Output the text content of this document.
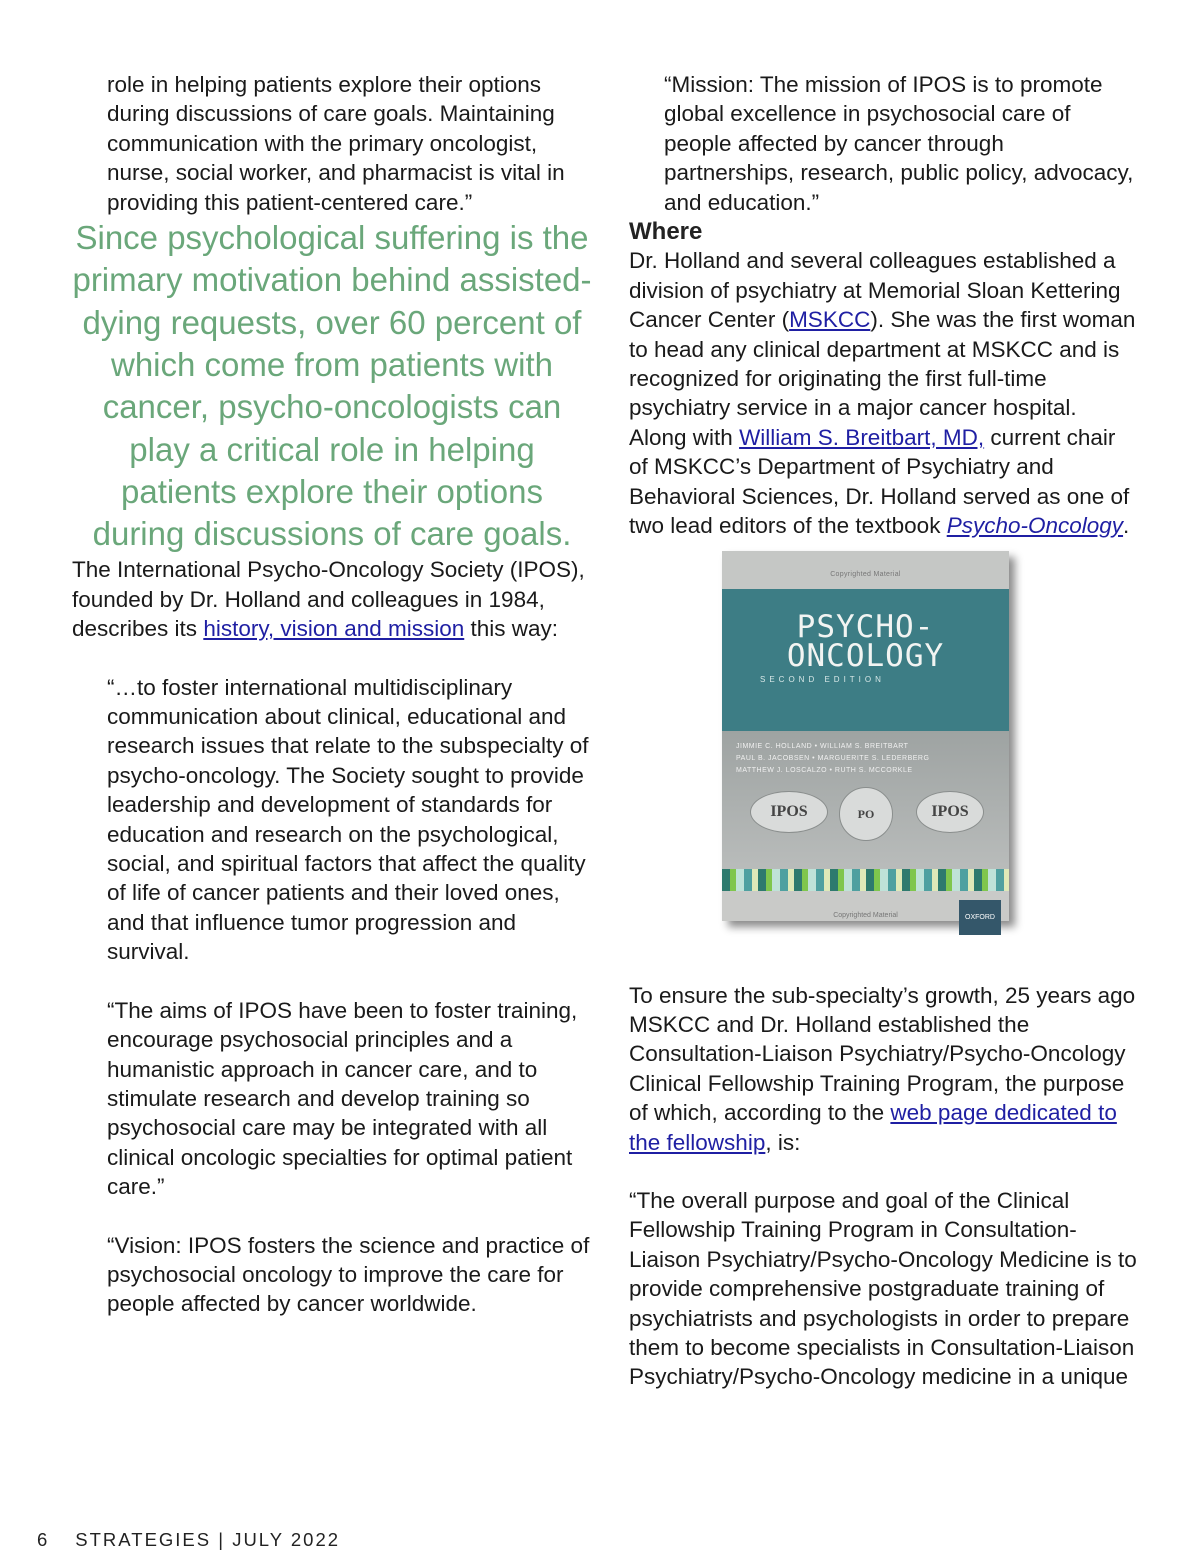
role in helping patients explore their options during discussions of care goals. Maintaining communication with the primary oncologist, nurse, social worker, and pharmacist is vital in providing this patient-centered care.”

Since psychological suffering is the primary motivation behind assisted-dying requests, over 60 percent of which come from patients with cancer, psycho-oncologists can play a critical role in helping patients explore their options during discussions of care goals.

The International Psycho-Oncology Society (IPOS), founded by Dr. Holland and colleagues in 1984, describes its history, vision and mission this way:

“…to foster international multidisciplinary communication about clinical, educational and research issues that relate to the subspecialty of psycho-oncology. The Society sought to provide leadership and development of standards for education and research on the psychological, social, and spiritual factors that affect the quality of life of cancer patients and their loved ones, and that influence tumor progression and survival.

“The aims of IPOS have been to foster training, encourage psychosocial principles and a humanistic approach in cancer care, and to stimulate research and develop training so psychosocial care may be integrated with all clinical oncologic specialties for optimal patient care.”

“Vision: IPOS fosters the science and practice of psychosocial oncology to improve the care for people affected by cancer worldwide.

“Mission: The mission of IPOS is to promote global excellence in psychosocial care of people affected by cancer through partnerships, research, public policy, advocacy, and education.”

Where

Dr. Holland and several colleagues established a division of psychiatry at Memorial Sloan Kettering Cancer Center (MSKCC). She was the first woman to head any clinical department at MSKCC and is recognized for originating the first full-time psychiatry service in a major cancer hospital. Along with William S. Breitbart, MD, current chair of MSKCC’s Department of Psychiatry and Behavioral Sciences, Dr. Holland served as one of two lead editors of the textbook Psycho-Oncology.

Copyrighted Material
PSYCHO-ONCOLOGY
SECOND EDITION
JIMMIE C. HOLLAND • WILLIAM S. BREITBART
PAUL B. JACOBSEN • MARGUERITE S. LEDERBERG
MATTHEW J. LOSCALZO • RUTH S. MCCORKLE
IPOS	PO	IPOS
Copyrighted Material	OXFORD

To ensure the sub-specialty’s growth, 25 years ago MSKCC and Dr. Holland established the Consultation-Liaison Psychiatry/Psycho-Oncology Clinical Fellowship Training Program, the purpose of which, according to the web page dedicated to the fellowship, is:

“The overall purpose and goal of the Clinical Fellowship Training Program in Consultation-Liaison Psychiatry/Psycho-Oncology Medicine is to provide comprehensive postgraduate training of psychiatrists and psychologists in order to prepare them to become specialists in Consultation-Liaison Psychiatry/Psycho-Oncology medicine in a unique

6 STRATEGIES | JULY 2022
